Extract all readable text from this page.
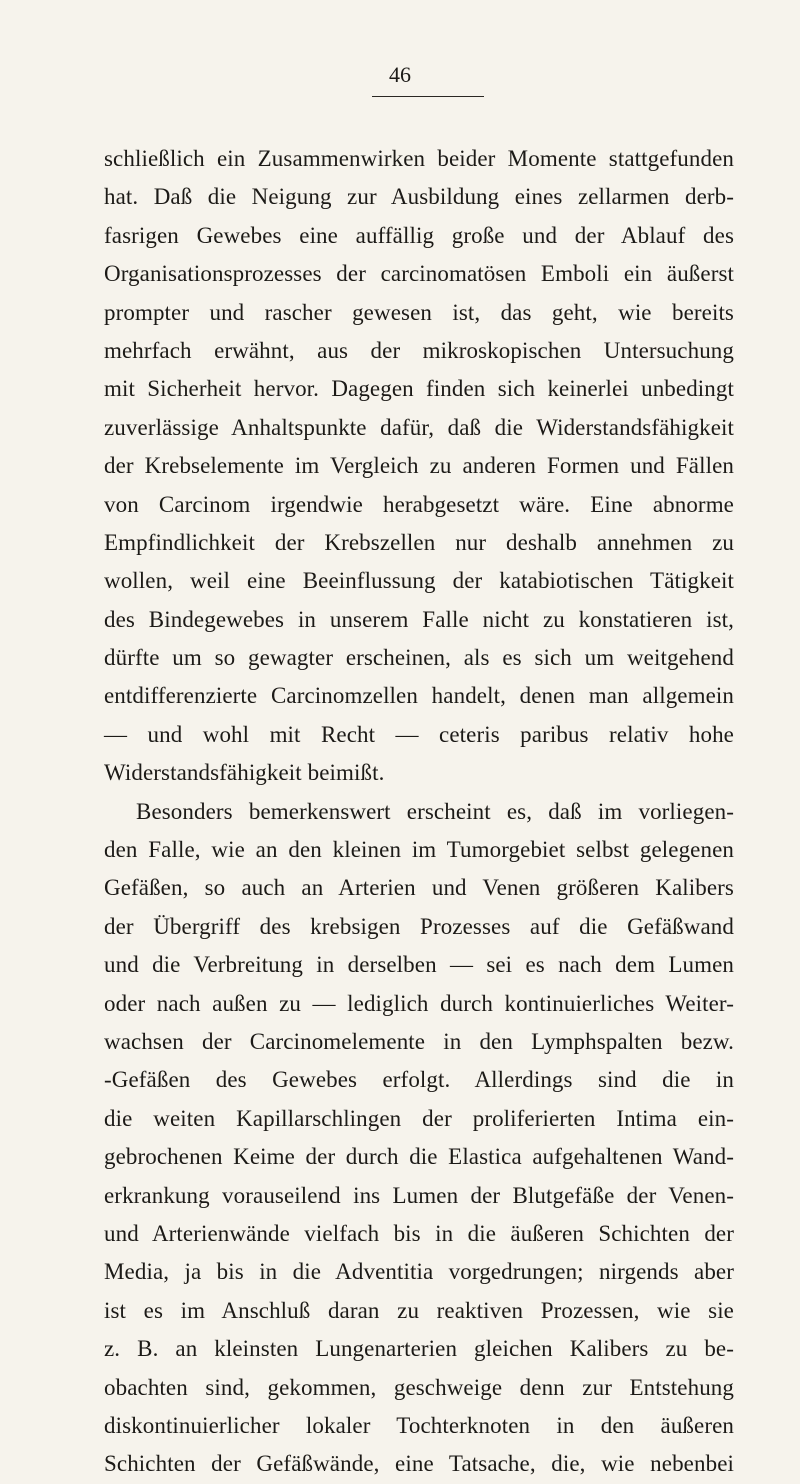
46
schließlich ein Zusammenwirken beider Momente stattgefunden
hat. Daß die Neigung zur Ausbildung eines zellarmen derb-
fasrigen Gewebes eine auffällig große und der Ablauf des
Organisationsprozesses der carcinomatösen Emboli ein äußerst
prompter und rascher gewesen ist, das geht, wie bereits
mehrfach erwähnt, aus der mikroskopischen Untersuchung
mit Sicherheit hervor. Dagegen finden sich keinerlei unbedingt
zuverlässige Anhaltspunkte dafür, daß die Widerstandsfähigkeit
der Krebselemente im Vergleich zu anderen Formen und Fällen
von Carcinom irgendwie herabgesetzt wäre. Eine abnorme
Empfindlichkeit der Krebszellen nur deshalb annehmen zu
wollen, weil eine Beeinflussung der katabiotischen Tätigkeit
des Bindegewebes in unserem Falle nicht zu konstatieren ist,
dürfte um so gewagter erscheinen, als es sich um weitgehend
entdifferenzierte Carcinomzellen handelt, denen man allgemein
— und wohl mit Recht — ceteris paribus relativ hohe
Widerstandsfähigkeit beimißt.
Besonders bemerkenswert erscheint es, daß im vorliegen-
den Falle, wie an den kleinen im Tumorgebiet selbst gelegenen
Gefäßen, so auch an Arterien und Venen größeren Kalibers
der Übergriff des krebsigen Prozesses auf die Gefäßwand
und die Verbreitung in derselben — sei es nach dem Lumen
oder nach außen zu — lediglich durch kontinuierliches Weiter-
wachsen der Carcinomelemente in den Lymphspalten bezw.
-Gefäßen des Gewebes erfolgt. Allerdings sind die in
die weiten Kapillarschlingen der proliferierten Intima ein-
gebrochenen Keime der durch die Elastica aufgehaltenen Wand-
erkrankung vorauseilend ins Lumen der Blutgefäße der Venen-
und Arterienwände vielfach bis in die äußeren Schichten der
Media, ja bis in die Adventitia vorgedrungen; nirgends aber
ist es im Anschluß daran zu reaktiven Prozessen, wie sie
z. B. an kleinsten Lungenarterien gleichen Kalibers zu be-
obachten sind, gekommen, geschweige denn zur Entstehung
diskontinuierlicher lokaler Tochterknoten in den äußeren
Schichten der Gefäßwände, eine Tatsache, die, wie nebenbei
